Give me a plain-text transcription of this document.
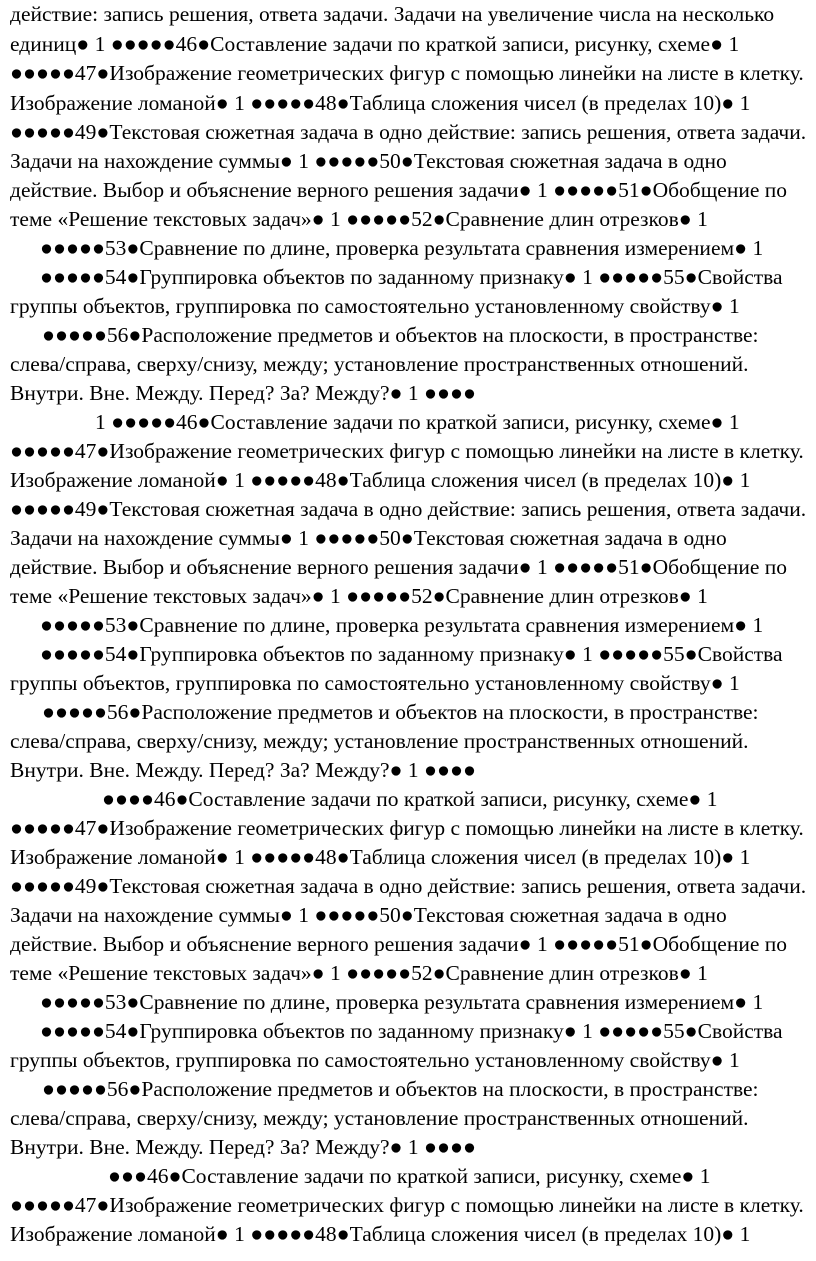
действие: запись решения, ответа задачи. Задачи на увеличение числа на несколько
единиц● 1 ●●●●●46●Составление задачи по краткой записи, рисунку, схеме● 1
●●●●●47●Изображение геометрических фигур с помощью линейки на листе в клетку.
Изображение ломаной● 1 ●●●●●48●Таблица сложения чисел (в пределах 10)● 1
●●●●●49●Текстовая сюжетная задача в одно действие: запись решения, ответа задачи.
Задачи на нахождение суммы● 1 ●●●●●50●Текстовая сюжетная задача в одно
действие. Выбор и объяснение верного решения задачи● 1 ●●●●●51●Обобщение по
теме «Решение текстовых задач»● 1 ●●●●●52●Сравнение длин отрезков● 1
●●●●●53●Сравнение по длине, проверка результата сравнения измерением● 1
●●●●●54●Группировка объектов по заданному признаку● 1 ●●●●●55●Свойства
группы объектов, группировка по самостоятельно установленному свойству● 1
●●●●●56●Расположение предметов и объектов на плоскости, в пространстве:
слева/справа, сверху/снизу, между; установление пространственных отношений.
Внутри. Вне. Между. Перед? За? Между?● 1 ●●●●
1 ●●●●●46●Составление задачи по краткой записи, рисунку, схеме● 1
●●●●●47●Изображение геометрических фигур с помощью линейки на листе в клетку.
Изображение ломаной● 1 ●●●●●48●Таблица сложения чисел (в пределах 10)● 1
●●●●●49●Текстовая сюжетная задача в одно действие: запись решения, ответа задачи.
Задачи на нахождение суммы● 1 ●●●●●50●Текстовая сюжетная задача в одно
действие. Выбор и объяснение верного решения задачи● 1 ●●●●●51●Обобщение по
теме «Решение текстовых задач»● 1 ●●●●●52●Сравнение длин отрезков● 1
●●●●●53●Сравнение по длине, проверка результата сравнения измерением● 1
●●●●●54●Группировка объектов по заданному признаку● 1 ●●●●●55●Свойства
группы объектов, группировка по самостоятельно установленному свойству● 1
●●●●●56●Расположение предметов и объектов на плоскости, в пространстве:
слева/справа, сверху/снизу, между; установление пространственных отношений.
Внутри. Вне. Между. Перед? За? Между?● 1 ●●●●
●●●●46●Составление задачи по краткой записи, рисунку, схеме● 1
●●●●●47●Изображение геометрических фигур с помощью линейки на листе в клетку.
Изображение ломаной● 1 ●●●●●48●Таблица сложения чисел (в пределах 10)● 1
●●●●●49●Текстовая сюжетная задача в одно действие: запись решения, ответа задачи.
Задачи на нахождение суммы● 1 ●●●●●50●Текстовая сюжетная задача в одно
действие. Выбор и объяснение верного решения задачи● 1 ●●●●●51●Обобщение по
теме «Решение текстовых задач»● 1 ●●●●●52●Сравнение длин отрезков● 1
●●●●●53●Сравнение по длине, проверка результата сравнения измерением● 1
●●●●●54●Группировка объектов по заданному признаку● 1 ●●●●●55●Свойства
группы объектов, группировка по самостоятельно установленному свойству● 1
●●●●●56●Расположение предметов и объектов на плоскости, в пространстве:
слева/справа, сверху/снизу, между; установление пространственных отношений.
Внутри. Вне. Между. Перед? За? Между?● 1 ●●●●
●●●46●Составление задачи по краткой записи, рисунку, схеме● 1
●●●●●47●Изображение геометрических фигур с помощью линейки на листе в клетку.
Изображение ломаной● 1 ●●●●●48●Таблица сложения чисел (в пределах 10)● 1
